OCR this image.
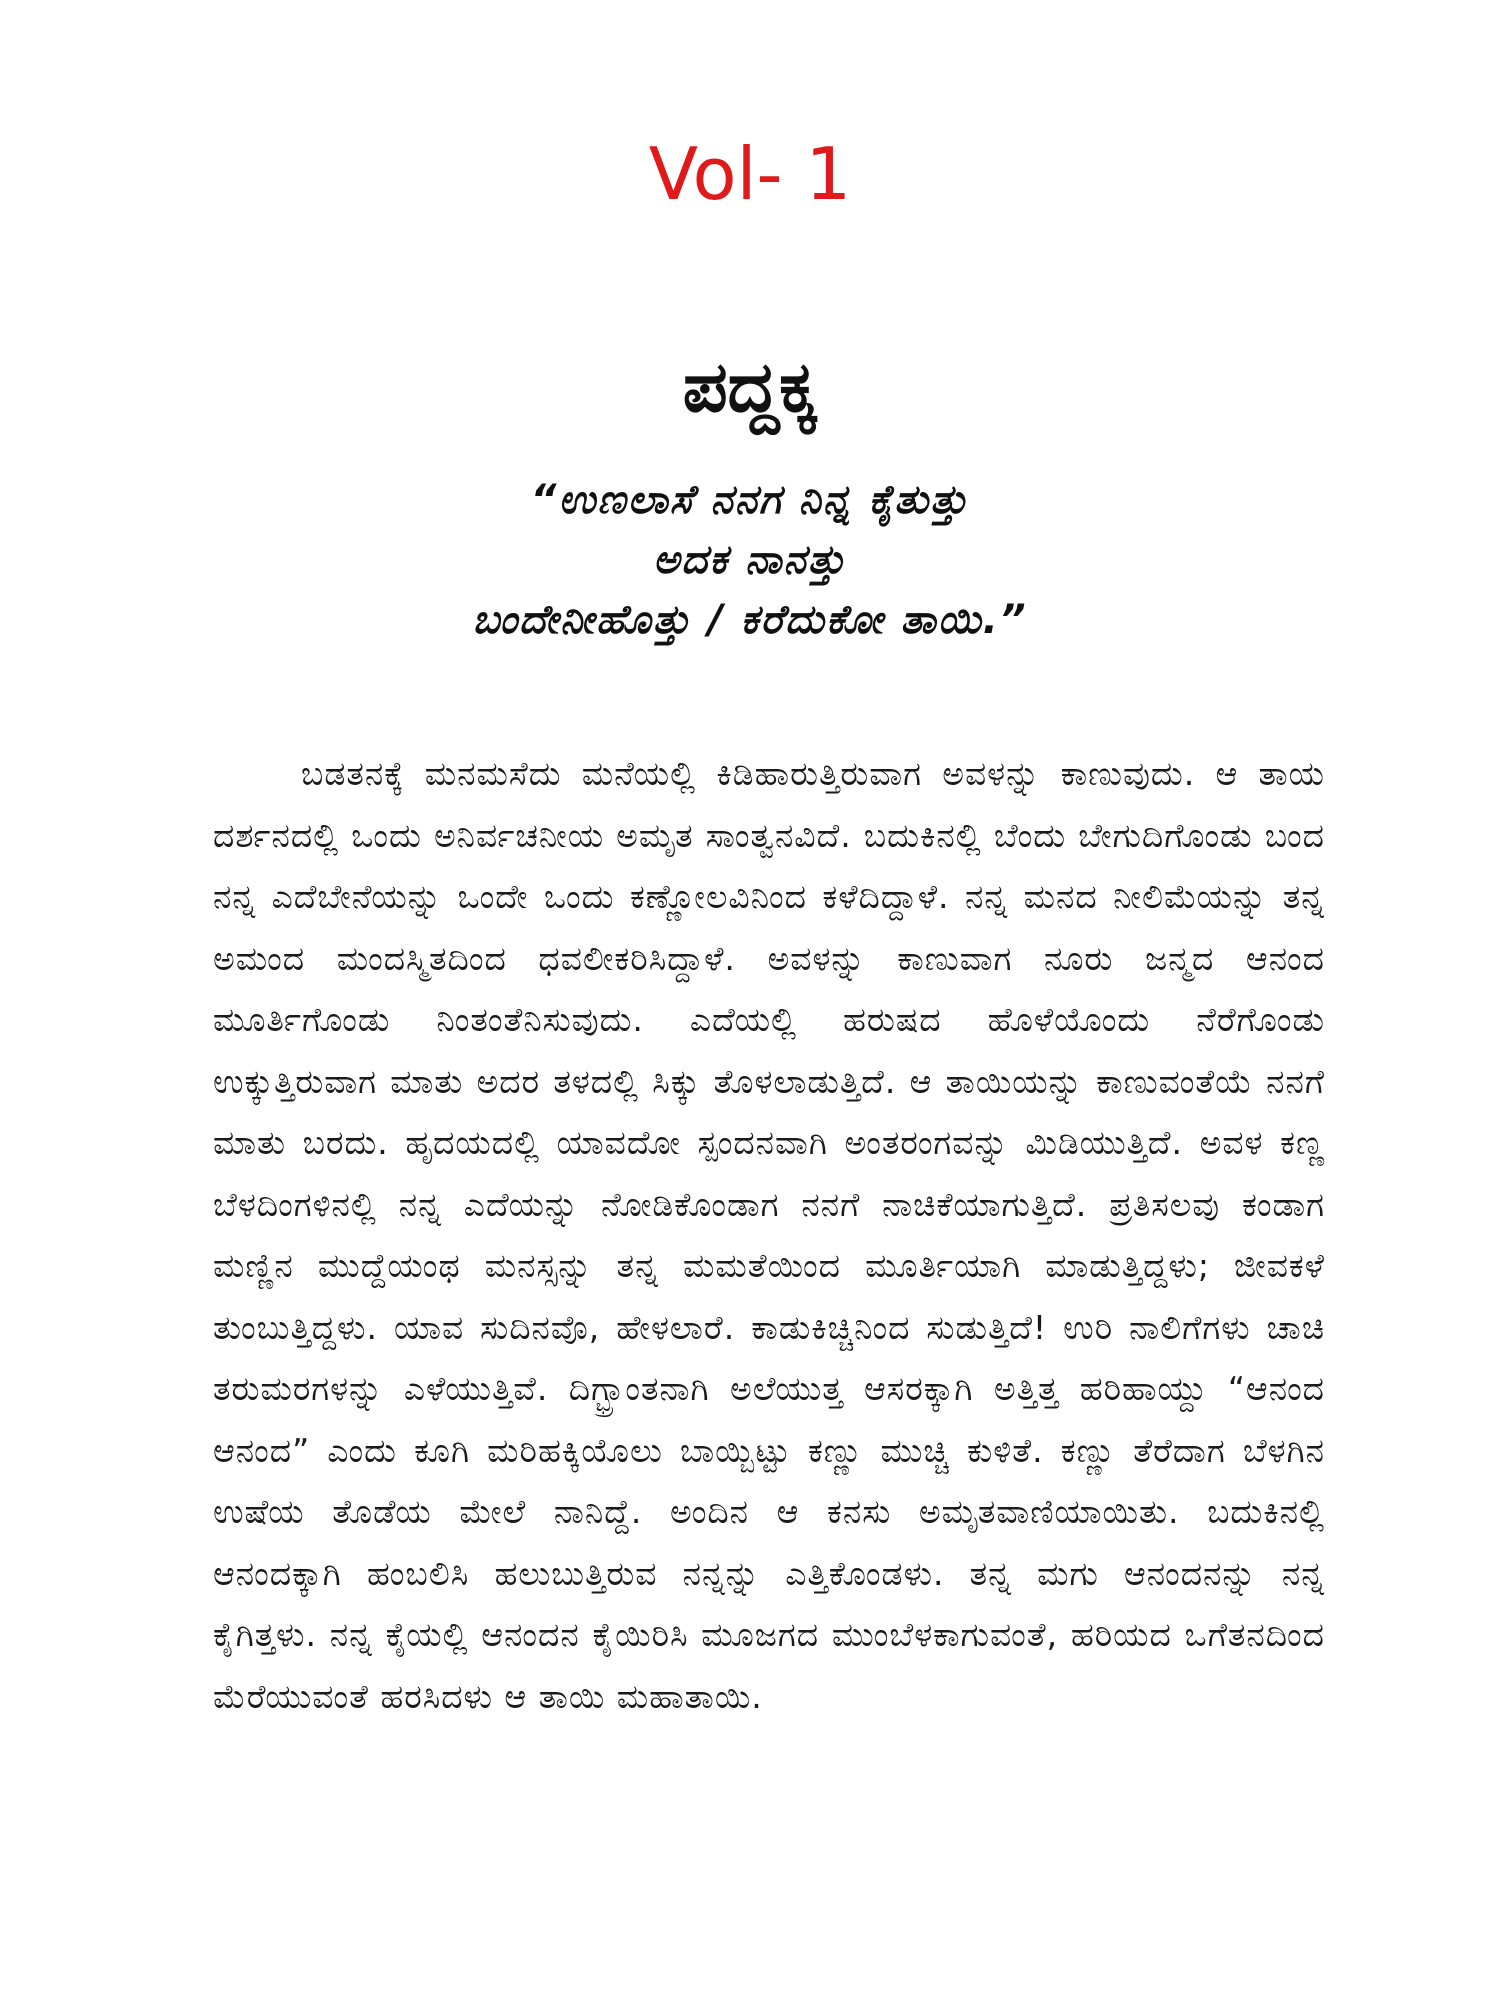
Vol- 1
ಪದ್ದಕ್ಕ
“ಉಣಲಾಸೆ ನನಗ ನಿನ್ನ ಕೈತುತ್ತು
ಅದಕ ನಾನತ್ತು
ಬಂದೇನೀಹೊತ್ತು / ಕರೆದುಕೋ ತಾಯಿ.”

ಬಡತನಕ್ಕೆ ಮನಮಸೆದು ಮನೆಯಲ್ಲಿ ಕಿಡಿಹಾರುತ್ತಿರುವಾಗ ಅವಳನ್ನು ಕಾಣುವುದು. ಆ ತಾಯ ದರ್ಶನದಲ್ಲಿ ಒಂದು ಅನಿರ್ವಚನೀಯ ಅಮೃತ ಸಾಂತ್ವನವಿದೆ. ಬದುಕಿನಲ್ಲಿ ಬೆಂದು ಬೇಗುದಿಗೊಂಡು ಬಂದ ನನ್ನ ಎದೆಬೇನೆಯನ್ನು ಒಂದೇ ಒಂದು ಕಣ್ಣೋಲವಿನಿಂದ ಕಳೆದಿದ್ದಾಳೆ. ನನ್ನ ಮನದ ನೀಲಿಮೆಯನ್ನು ತನ್ನ ಅಮಂದ ಮಂದಸ್ಮಿತದಿಂದ ಧವಲೀಕರಿಸಿದ್ದಾಳೆ. ಅವಳನ್ನು ಕಾಣುವಾಗ ನೂರು ಜನ್ಮದ ಆನಂದ ಮೂರ್ತಿಗೊಂಡು ನಿಂತಂತೆನಿಸುವುದು. ಎದೆಯಲ್ಲಿ ಹರುಷದ ಹೊಳೆಯೊಂದು ನೆರೆಗೊಂಡು ಉಕ್ಕುತ್ತಿರುವಾಗ ಮಾತು ಅದರ ತಳದಲ್ಲಿ ಸಿಕ್ಕು ತೊಳಲಾಡುತ್ತಿದೆ. ಆ ತಾಯಿಯನ್ನು ಕಾಣುವಂತೆಯೆ ನನಗೆ ಮಾತು ಬರದು. ಹೃದಯದಲ್ಲಿ ಯಾವದೋ ಸ್ಪಂದನವಾಗಿ ಅಂತರಂಗವನ್ನು ಮಿಡಿಯುತ್ತಿದೆ. ಅವಳ ಕಣ್ಣ ಬೆಳದಿಂಗಳಿನಲ್ಲಿ ನನ್ನ ಎದೆಯನ್ನು ನೋಡಿಕೊಂಡಾಗ ನನಗೆ ನಾಚಿಕೆಯಾಗುತ್ತಿದೆ. ಪ್ರತಿಸಲವು ಕಂಡಾಗ ಮಣ್ಣಿನ ಮುದ್ದೆಯಂಥ ಮನಸ್ಸನ್ನು ತನ್ನ ಮಮತೆಯಿಂದ ಮೂರ್ತಿಯಾಗಿ ಮಾಡುತ್ತಿದ್ದಳು; ಜೀವಕಳೆ ತುಂಬುತ್ತಿದ್ದಳು. ಯಾವ ಸುದಿನವೊ, ಹೇಳಲಾರೆ. ಕಾಡುಕಿಚ್ಚಿನಿಂದ ಸುಡುತ್ತಿದೆ! ಉರಿ ನಾಲಿಗೆಗಳು ಚಾಚಿ ತರುಮರಗಳನ್ನು ಎಳೆಯುತ್ತಿವೆ. ದಿಗ್ಭ್ರಾಂತನಾಗಿ ಅಲೆಯುತ್ತ ಆಸರಕ್ಕಾಗಿ ಅತ್ತಿತ್ತ ಹರಿಹಾಯ್ದು “ಆನಂದ ಆನಂದ” ಎಂದು ಕೂಗಿ ಮರಿಹಕ್ಕಿಯೊಲು ಬಾಯ್ಬಿಟ್ಟು ಕಣ್ಣು ಮುಚ್ಚಿ ಕುಳಿತೆ. ಕಣ್ಣು ತೆರೆದಾಗ ಬೆಳಗಿನ ಉಷೆಯ ತೊಡೆಯ ಮೇಲೆ ನಾನಿದ್ದೆ. ಅಂದಿನ ಆ ಕನಸು ಅಮೃತವಾಣಿಯಾಯಿತು. ಬದುಕಿನಲ್ಲಿ ಆನಂದಕ್ಕಾಗಿ ಹಂಬಲಿಸಿ ಹಲುಬುತ್ತಿರುವ ನನ್ನನ್ನು ಎತ್ತಿಕೊಂಡಳು. ತನ್ನ ಮಗು ಆನಂದನನ್ನು ನನ್ನ ಕೈಗಿತ್ತಳು. ನನ್ನ ಕೈಯಲ್ಲಿ ಆನಂದನ ಕೈಯಿರಿಸಿ ಮೂಜಗದ ಮುಂಬೆಳಕಾಗುವಂತೆ, ಹರಿಯದ ಒಗೆತನದಿಂದ ಮೆರೆಯುವಂತೆ ಹರಸಿದಳು ಆ ತಾಯಿ ಮಹಾತಾಯಿ.
